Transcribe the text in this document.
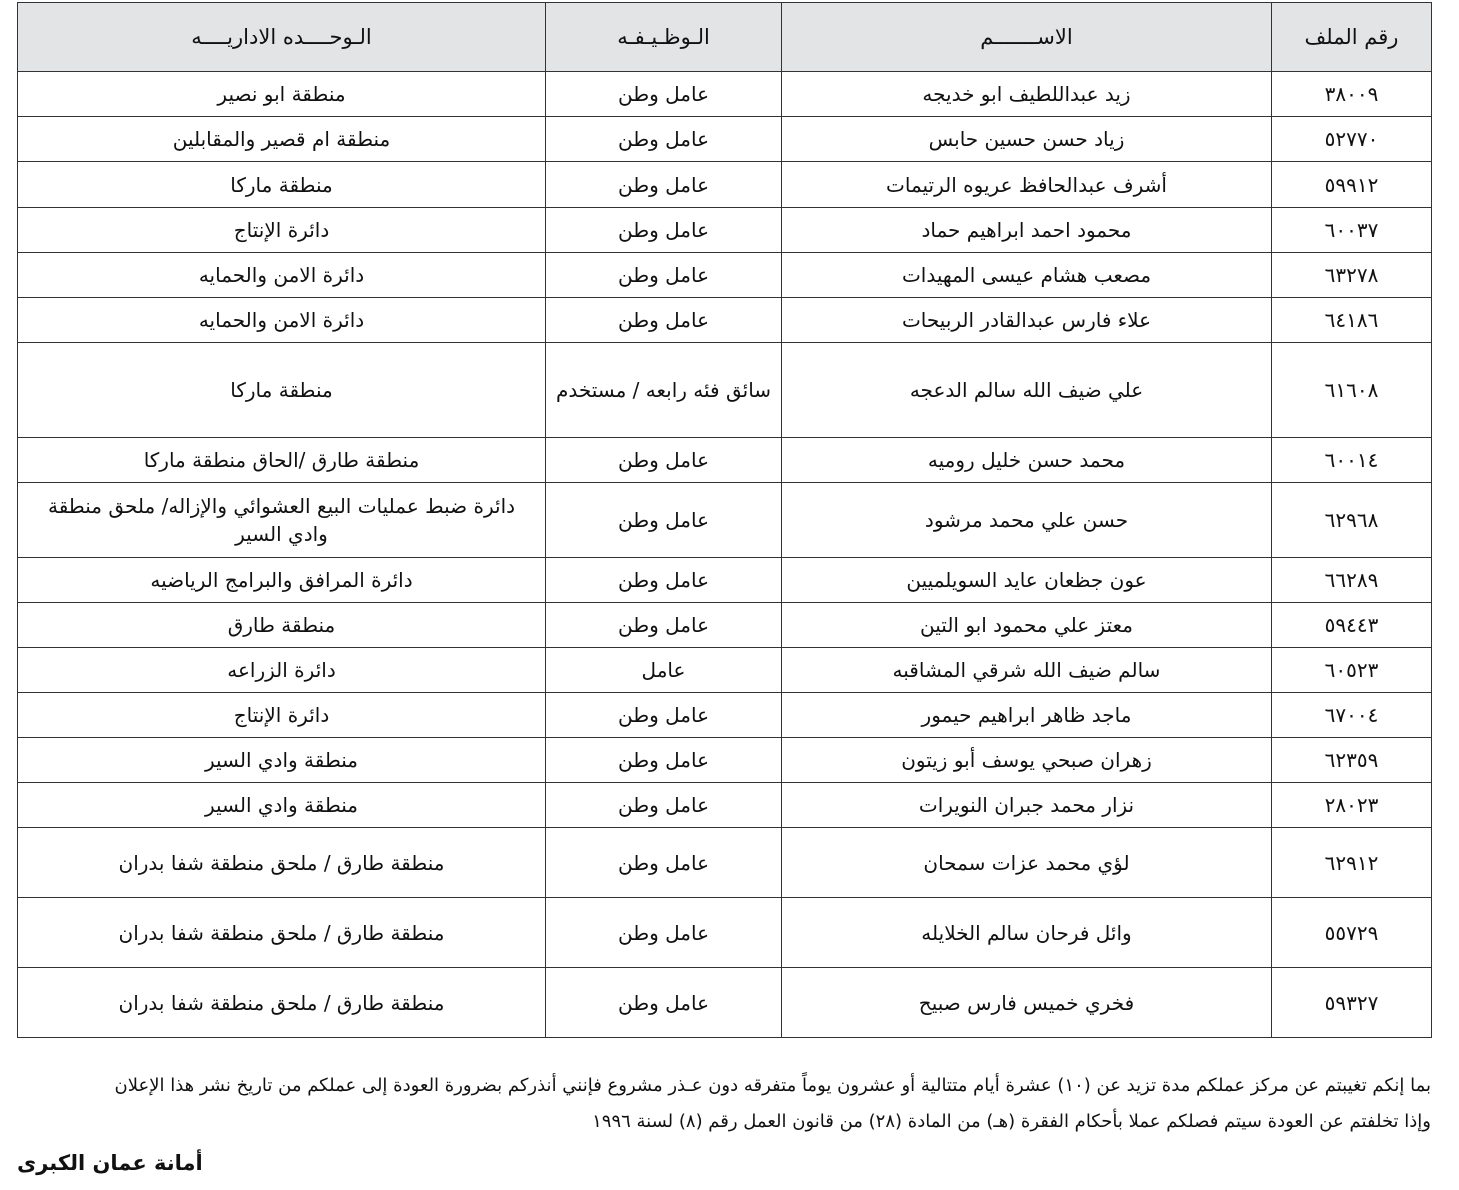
رقم الملف	الاســـــــم	الـوظـيـفـه	الـوحــــده الاداريــــه
٣٨٠٠٩	زيد عبداللطيف ابو خديجه	عامل وطن	منطقة ابو نصير
٥٢٧٧٠	زياد حسن حسين حابس	عامل وطن	منطقة ام قصير والمقابلين
٥٩٩١٢	أشرف عبدالحافظ عريوه الرتيمات	عامل وطن	منطقة ماركا
٦٠٠٣٧	محمود احمد ابراهيم حماد	عامل وطن	دائرة الإنتاج
٦٣٢٧٨	مصعب هشام عيسى المهيدات	عامل وطن	دائرة الامن والحمايه
٦٤١٨٦	علاء فارس عبدالقادر الربيحات	عامل وطن	دائرة الامن والحمايه
٦١٦٠٨	علي ضيف الله سالم الدعجه	سائق فئه رابعه / مستخدم	منطقة ماركا
٦٠٠١٤	محمد حسن خليل روميه	عامل وطن	منطقة طارق /الحاق منطقة ماركا
٦٢٩٦٨	حسن علي محمد مرشود	عامل وطن	دائرة ضبط عمليات البيع العشوائي والإزاله/ ملحق منطقة وادي السير
٦٦٢٨٩	عون جظعان عايد السويلميين	عامل وطن	دائرة المرافق والبرامج الرياضيه
٥٩٤٤٣	معتز علي محمود ابو التين	عامل وطن	منطقة طارق
٦٠٥٢٣	سالم ضيف الله شرقي المشاقبه	عامل	دائرة الزراعه
٦٧٠٠٤	ماجد ظاهر ابراهيم حيمور	عامل وطن	دائرة الإنتاج
٦٢٣٥٩	زهران صبحي يوسف أبو زيتون	عامل وطن	منطقة وادي السير
٢٨٠٢٣	نزار محمد جبران النويرات	عامل وطن	منطقة وادي السير
٦٢٩١٢	لؤي محمد عزات سمحان	عامل وطن	منطقة طارق / ملحق منطقة شفا بدران
٥٥٧٢٩	وائل فرحان سالم الخلايله	عامل وطن	منطقة طارق / ملحق منطقة شفا بدران
٥٩٣٢٧	فخري خميس فارس صبيح	عامل وطن	منطقة طارق / ملحق منطقة شفا بدران
بما إنكم تغيبتم عن مركز عملكم مدة تزيد عن (١٠) عشرة أيام متتالية أو عشرون يوماً متفرقه دون عـذر مشروع فإنني أنذركم بضرورة العودة إلى عملكم من تاريخ نشر هذا الإعلان
وإذا تخلفتم عن العودة سيتم فصلكم عملا بأحكام الفقرة (هـ) من المادة (٢٨) من قانون العمل رقم (٨) لسنة ١٩٩٦
أمانة عمان الكبرى
